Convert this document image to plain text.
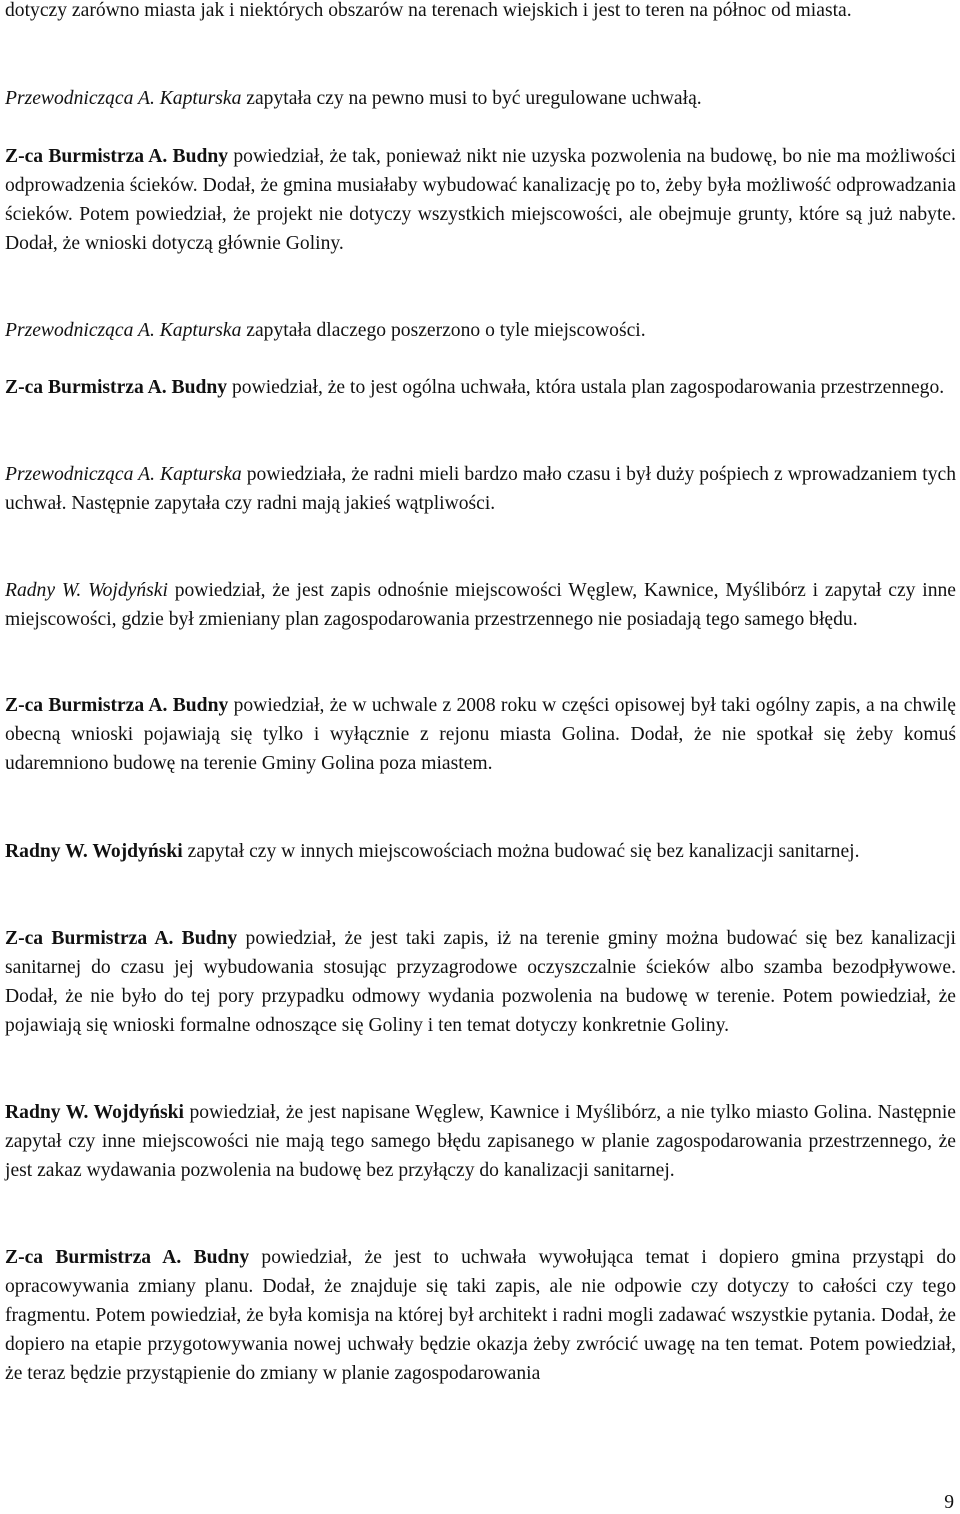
dotyczy zarówno miasta jak i niektórych obszarów na terenach wiejskich i jest to teren na północ od miasta.

Przewodnicząca A. Kapturska zapytała czy na pewno musi to być uregulowane uchwałą.

Z-ca Burmistrza A. Budny powiedział, że tak, ponieważ nikt nie uzyska pozwolenia na budowę, bo nie ma możliwości odprowadzenia ścieków. Dodał, że gmina musiałaby wybudować kanalizację po to, żeby była możliwość odprowadzania ścieków. Potem powiedział, że projekt nie dotyczy wszystkich miejscowości, ale obejmuje grunty, które są już nabyte. Dodał, że wnioski dotyczą głównie Goliny.

Przewodnicząca A. Kapturska zapytała dlaczego poszerzono o tyle miejscowości.

Z-ca Burmistrza A. Budny powiedział, że to jest ogólna uchwała, która ustala plan zagospodarowania przestrzennego.

Przewodnicząca A. Kapturska powiedziała, że radni mieli bardzo mało czasu i był duży pośpiech z wprowadzaniem tych uchwał. Następnie zapytała czy radni mają jakieś wątpliwości.

Radny W. Wojdyński powiedział, że jest zapis odnośnie miejscowości Węglew, Kawnice, Myślibórz i zapytał czy inne miejscowości, gdzie był zmieniany plan zagospodarowania przestrzennego nie posiadają tego samego błędu.

Z-ca Burmistrza A. Budny powiedział, że w uchwale z 2008 roku w części opisowej był taki ogólny zapis, a na chwilę obecną wnioski pojawiają się tylko i wyłącznie z rejonu miasta Golina. Dodał, że nie spotkał się żeby komuś udaremniono budowę na terenie Gminy Golina poza miastem.

Radny W. Wojdyński zapytał czy w innych miejscowościach można budować się bez kanalizacji sanitarnej.

Z-ca Burmistrza A. Budny powiedział, że jest taki zapis, iż na terenie gminy można budować się bez kanalizacji sanitarnej do czasu jej wybudowania stosując przyzagrodowe oczyszczalnie ścieków albo szamba bezodpływowe. Dodał, że nie było do tej pory przypadku odmowy wydania pozwolenia na budowę w terenie. Potem powiedział, że pojawiają się wnioski formalne odnoszące się Goliny i ten temat dotyczy konkretnie Goliny.

Radny W. Wojdyński powiedział, że jest napisane Węglew, Kawnice i Myślibórz, a nie tylko miasto Golina. Następnie zapytał czy inne miejscowości nie mają tego samego błędu zapisanego w planie zagospodarowania przestrzennego, że jest zakaz wydawania pozwolenia na budowę bez przyłączy do kanalizacji sanitarnej.

Z-ca Burmistrza A. Budny powiedział, że jest to uchwała wywołująca temat i dopiero gmina przystąpi do opracowywania zmiany planu. Dodał, że znajduje się taki zapis, ale nie odpowie czy dotyczy to całości czy tego fragmentu. Potem powiedział, że była komisja na której był architekt i radni mogli zadawać wszystkie pytania. Dodał, że dopiero na etapie przygotowywania nowej uchwały będzie okazja żeby zwrócić uwagę na ten temat. Potem powiedział, że teraz będzie przystąpienie do zmiany w planie zagospodarowania

9
